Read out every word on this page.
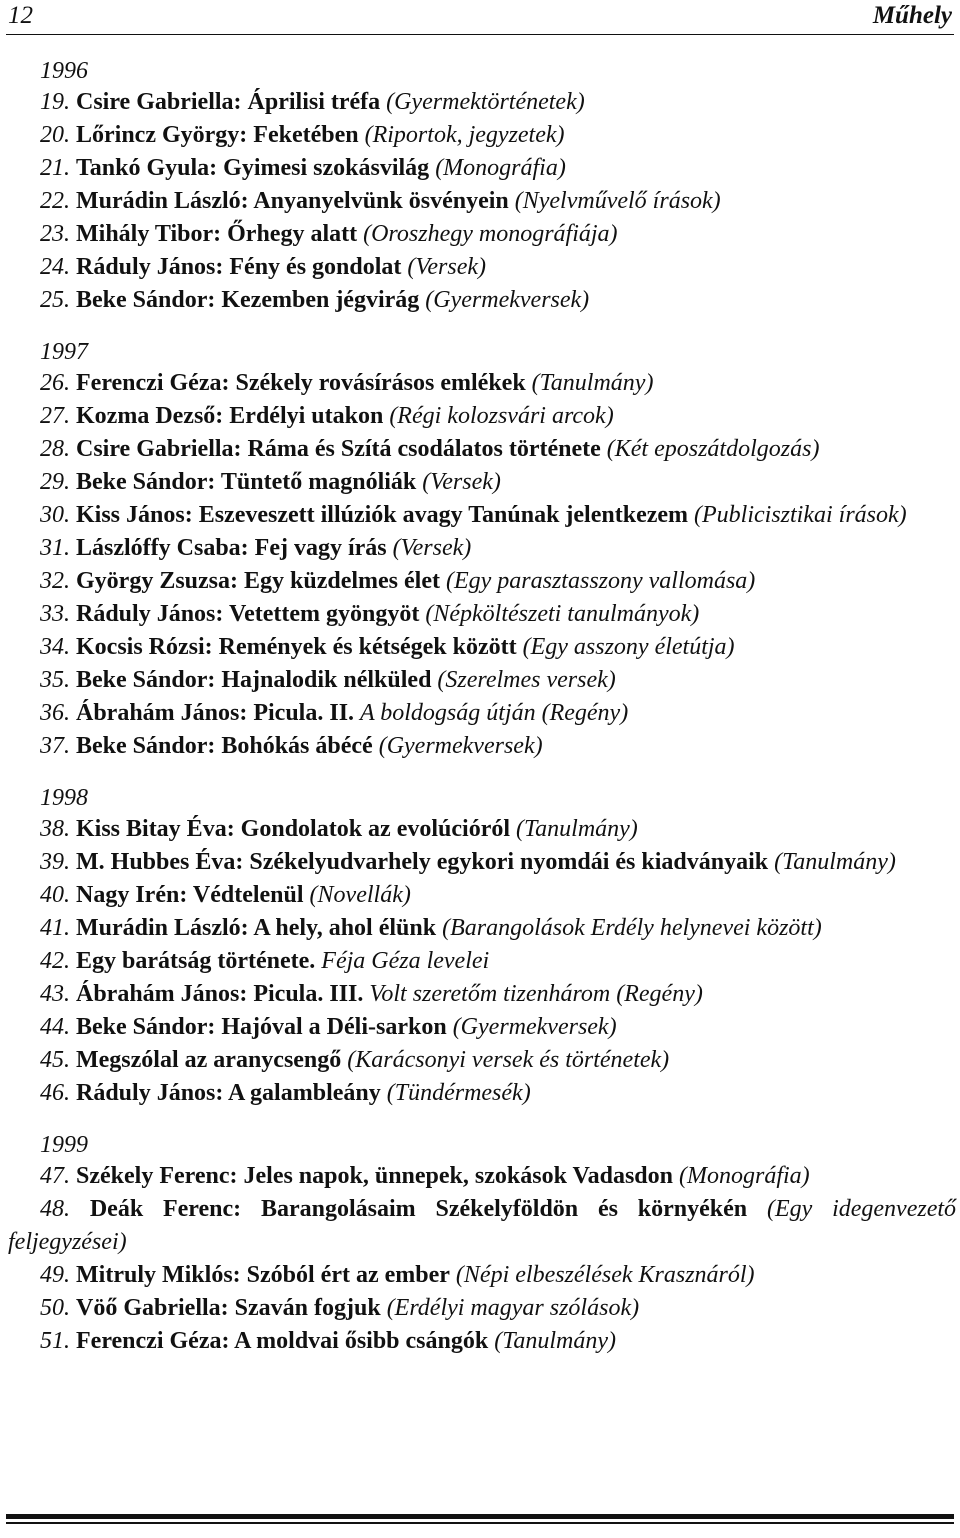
12	Műhely
1996
19. Csire Gabriella: Áprilisi tréfa (Gyermektörténetek)
20. Lőrincz György: Feketében (Riportok, jegyzetek)
21. Tankó Gyula: Gyimesi szokásvilág (Monográfia)
22. Murádin László: Anyanyelvünk ösvényein (Nyelvművelő írások)
23. Mihály Tibor: Őrhegy alatt (Oroszhegy monográfiája)
24. Ráduly János: Fény és gondolat (Versek)
25. Beke Sándor: Kezemben jégvirág (Gyermekversek)
1997
26. Ferenczi Géza: Székely rovásírásos emlékek (Tanulmány)
27. Kozma Dezső: Erdélyi utakon (Régi kolozsvári arcok)
28. Csire Gabriella: Ráma és Szítá csodálatos története (Két eposzátdolgozás)
29. Beke Sándor: Tüntető magnóliák (Versek)
30. Kiss János: Eszeveszett illúziók avagy Tanúnak jelentkezem (Publicisztikai írások)
31. Lászlóffy Csaba: Fej vagy írás (Versek)
32. György Zsuzsa: Egy küzdelmes élet (Egy parasztasszony vallomása)
33. Ráduly János: Vetettem gyöngyöt (Népköltészeti tanulmányok)
34. Kocsis Rózsi: Remények és kétségek között (Egy asszony életútja)
35. Beke Sándor: Hajnalodik nélküled (Szerelmes versek)
36. Ábrahám János: Picula. II. A boldogság útján (Regény)
37. Beke Sándor: Bohókás ábécé (Gyermekversek)
1998
38. Kiss Bitay Éva: Gondolatok az evolúcióról (Tanulmány)
39. M. Hubbes Éva: Székelyudvarhely egykori nyomdái és kiadványaik (Tanulmány)
40. Nagy Irén: Védtelenül (Novellák)
41. Murádin László: A hely, ahol élünk (Barangolások Erdély helynevei között)
42. Egy barátság története. Féja Géza levelei
43. Ábrahám János: Picula. III. Volt szeretőm tizenhárom (Regény)
44. Beke Sándor: Hajóval a Déli-sarkon (Gyermekversek)
45. Megszólal az aranycsengő (Karácsonyi versek és történetek)
46. Ráduly János: A galambleány (Tündérmesék)
1999
47. Székely Ferenc: Jeles napok, ünnepek, szokások Vadasdon (Monográfia)
48. Deák Ferenc: Barangolásaim Székelyföldön és környékén (Egy idegenvezető feljegyzései)
49. Mitruly Miklós: Szóból ért az ember (Népi elbeszélések Krasznáról)
50. Vöő Gabriella: Szaván fogjuk (Erdélyi magyar szólások)
51. Ferenczi Géza: A moldvai ősibb csángók (Tanulmány)
